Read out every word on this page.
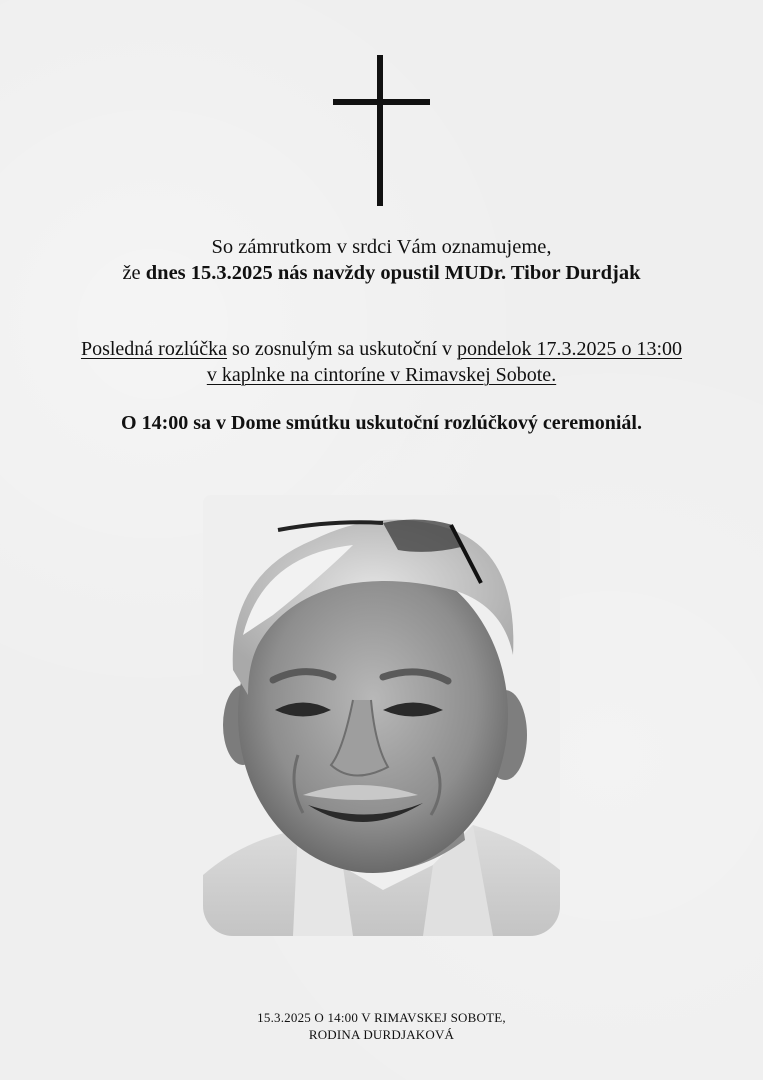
So zámrutkom v srdci Vám oznamujeme,
že dnes 15.3.2025 nás navždy opustil MUDr. Tibor Durdjak
Posledná rozlúčka so zosnulým sa uskutoční v pondelok 17.3.2025 o 13:00
v kaplnke na cintoríne v Rimavskej Sobote.
O 14:00 sa v Dome smútku uskutoční rozlúčkový ceremoniál.
15.3.2025 O 14:00 V RIMAVSKEJ SOBOTE,
RODINA DURDJAKOVÁ
